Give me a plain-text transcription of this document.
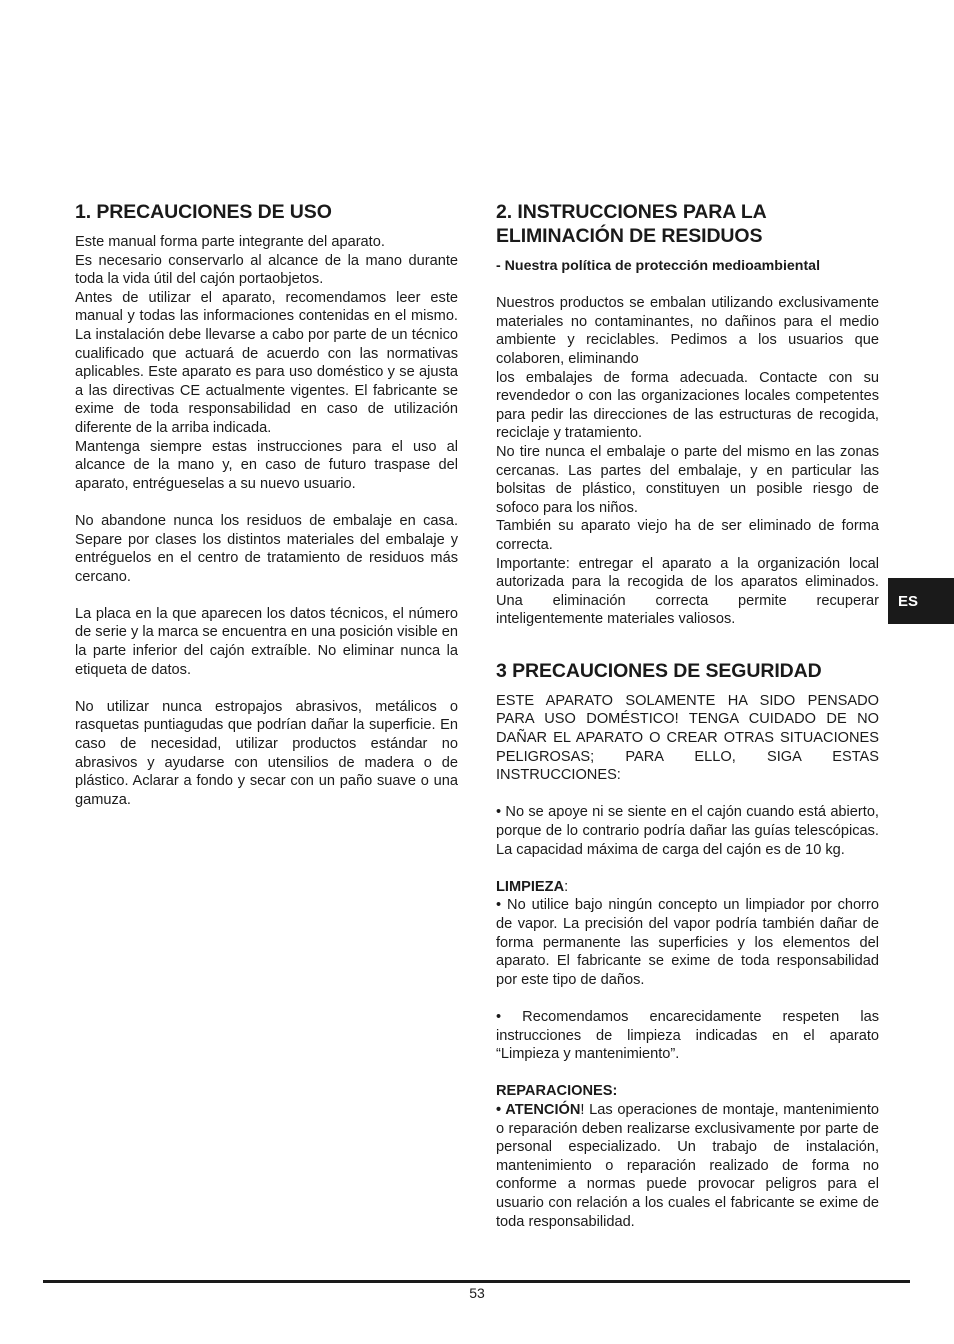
1. PRECAUCIONES DE USO

Este manual forma parte integrante del aparato.

Es necesario conservarlo al alcance de la mano durante toda la vida útil del cajón portaobjetos.

Antes de utilizar el aparato, recomendamos leer este manual y todas las informaciones contenidas en el mismo. La instalación debe llevarse a cabo por parte de un técnico cualificado que actuará de acuerdo con las normativas aplicables. Este aparato es para uso doméstico y se ajusta a las directivas CE actualmente vigentes. El fabricante se exime de toda responsabilidad en caso de utilización diferente de la arriba indicada.

Mantenga siempre estas instrucciones para el uso al alcance de la mano y, en caso de futuro traspase del aparato, entrégueselas a su nuevo usuario.

No abandone nunca los residuos de embalaje en casa. Separe por clases los distintos materiales del embalaje y entréguelos en el centro de tratamiento de residuos más cercano.

La placa en la que aparecen los datos técnicos, el número de serie y la marca se encuentra en una posición visible en la parte inferior del cajón extraíble. No eliminar nunca la etiqueta de datos.

No utilizar nunca estropajos abrasivos, metálicos o rasquetas puntiagudas que podrían dañar la superficie. En caso de necesidad, utilizar productos estándar no abrasivos y ayudarse con utensilios de madera o de plástico. Aclarar a fondo y secar con un paño suave o una gamuza.

2. INSTRUCCIONES PARA LA
ELIMINACIÓN DE RESIDUOS

- Nuestra política de protección medioambiental

Nuestros productos se embalan utilizando exclusivamente materiales no contaminantes, no dañinos para el medio ambiente y reciclables. Pedimos a los usuarios que colaboren, eliminando

los embalajes de forma adecuada. Contacte con su revendedor o con las organizaciones locales competentes para pedir las direcciones de las estructuras de recogida, reciclaje y tratamiento.

No tire nunca el embalaje o parte del mismo en las zonas cercanas. Las partes del embalaje, y en particular las bolsitas de plástico, constituyen un posible riesgo de sofoco para los niños.

También su aparato viejo ha de ser eliminado de forma correcta.

Importante: entregar el aparato a la organización local autorizada para la recogida de los aparatos eliminados. Una eliminación correcta permite recuperar inteligentemente materiales valiosos.

3 PRECAUCIONES DE SEGURIDAD

ESTE APARATO SOLAMENTE HA SIDO PENSADO PARA USO DOMÉSTICO! TENGA CUIDADO DE NO DAÑAR EL APARATO O CREAR OTRAS SITUACIONES PELIGROSAS; PARA ELLO, SIGA ESTAS INSTRUCCIONES:

• No se apoye ni se siente en el cajón cuando está abierto, porque de lo contrario podría dañar las guías telescópicas. La capacidad máxima de carga del cajón es de 10 kg.

LIMPIEZA:

• No utilice bajo ningún concepto un limpiador por chorro de vapor. La precisión del vapor podría también dañar de forma permanente las superficies y los elementos del aparato. El fabricante se exime de toda responsabilidad por este tipo de daños.

• Recomendamos encarecidamente respeten las instrucciones de limpieza indicadas en el aparato “Limpieza y mantenimiento”.

REPARACIONES:

• ATENCIÓN! Las operaciones de montaje, mantenimiento o reparación deben realizarse exclusivamente por parte de personal especializado. Un trabajo de instalación, mantenimiento o reparación realizado de forma no conforme a normas puede provocar peligros para el usuario con relación a los cuales el fabricante se exime de toda responsabilidad.

ES
53
